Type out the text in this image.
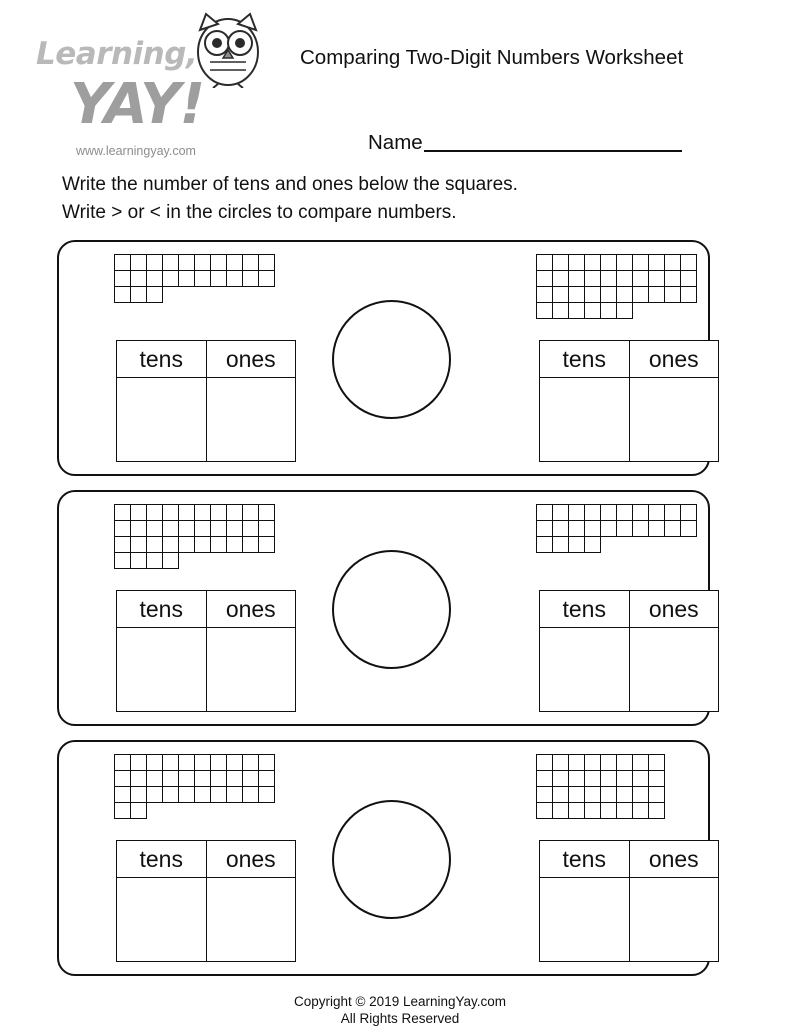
Learning,
YAY!
www.learningyay.com
Comparing Two-Digit Numbers Worksheet
Name
Write the number of tens and ones below the squares.
Write > or < in the circles to compare numbers.
tens	ones	tens	ones
tens	ones	tens	ones
tens	ones	tens	ones
Copyright © 2019 LearningYay.com
All Rights Reserved
